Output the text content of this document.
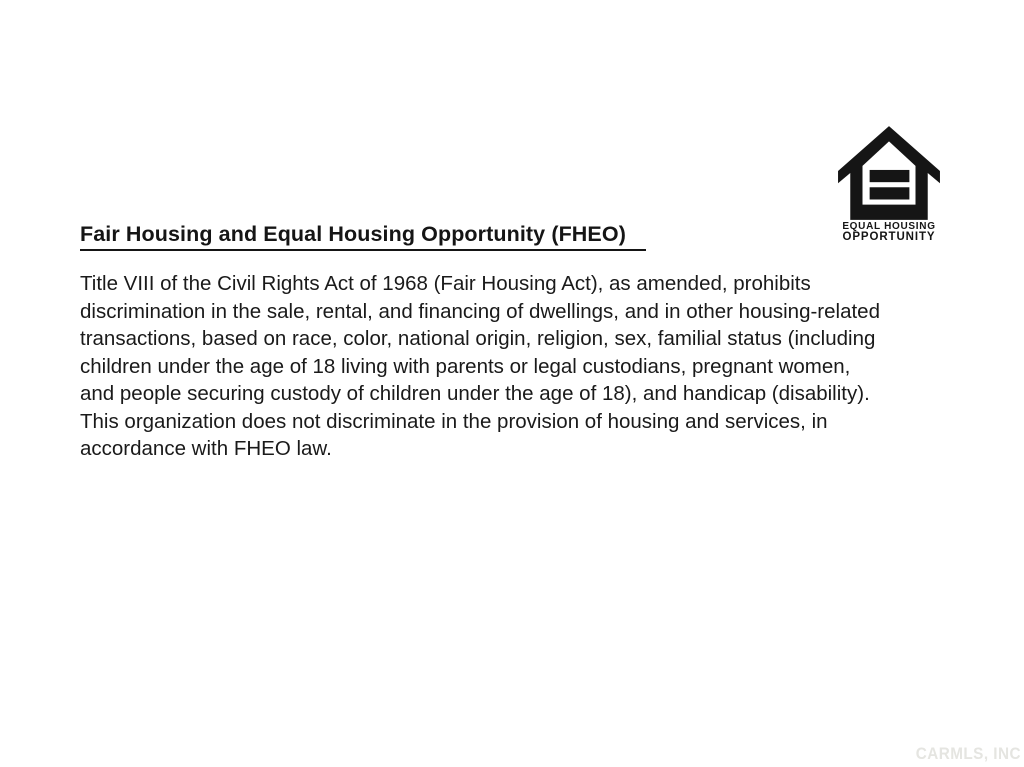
Fair Housing and Equal Housing Opportunity (FHEO)
Title VIII of the Civil Rights Act of 1968 (Fair Housing Act), as amended, prohibits
discrimination in the sale, rental, and financing of dwellings, and in other housing-related
transactions, based on race, color, national origin, religion, sex, familial status (including
children under the age of 18 living with parents or legal custodians, pregnant women,
and people securing custody of children under the age of 18), and handicap (disability).
This organization does not discriminate in the provision of housing and services, in
accordance with FHEO law.
EQUAL HOUSING
OPPORTUNITY
CARMLS, INC
